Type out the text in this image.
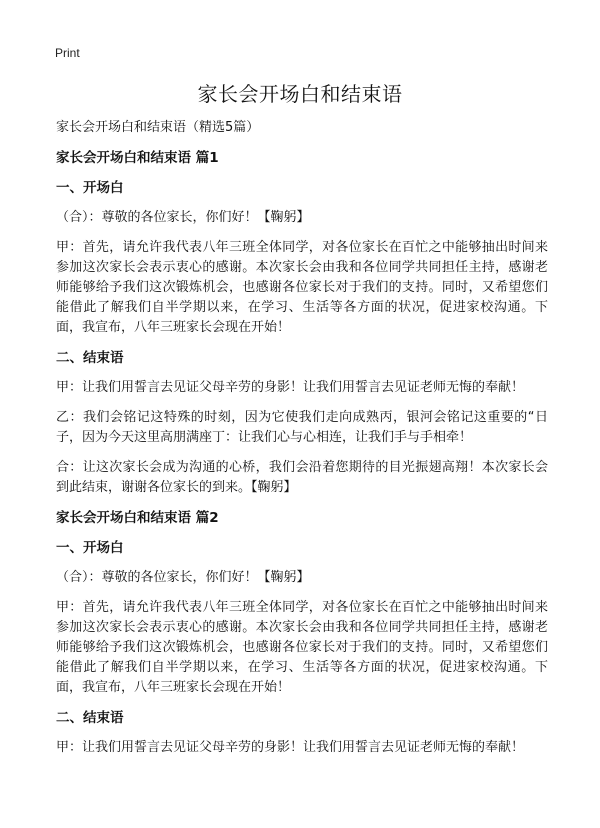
Print
家长会开场白和结束语

家长会开场白和结束语（精选5篇）

家长会开场白和结束语 篇1

一、开场白

（合）：尊敬的各位家长，你们好！【鞠躬】

甲：首先，请允许我代表八年三班全体同学，对各位家长在百忙之中能够抽出时间来参加这次家长会表示衷心的感谢。本次家长会由我和各位同学共同担任主持，感谢老师能够给予我们这次锻炼机会，也感谢各位家长对于我们的支持。同时，又希望您们能借此了解我们自半学期以来，在学习、生活等各方面的状况，促进家校沟通。下面，我宣布，八年三班家长会现在开始！

二、结束语

甲：让我们用誓言去见证父母辛劳的身影！让我们用誓言去见证老师无悔的奉献！

乙：我们会铭记这特殊的时刻，因为它使我们走向成熟丙，银河会铭记这重要的“日子，因为今天这里高朋满座丁：让我们心与心相连，让我们手与手相牵！

合：让这次家长会成为沟通的心桥，我们会沿着您期待的目光振翅高翔！本次家长会到此结束，谢谢各位家长的到来。【鞠躬】

家长会开场白和结束语 篇2

一、开场白

（合）：尊敬的各位家长，你们好！【鞠躬】

甲：首先，请允许我代表八年三班全体同学，对各位家长在百忙之中能够抽出时间来参加这次家长会表示衷心的感谢。本次家长会由我和各位同学共同担任主持，感谢老师能够给予我们这次锻炼机会，也感谢各位家长对于我们的支持。同时，又希望您们能借此了解我们自半学期以来，在学习、生活等各方面的状况，促进家校沟通。下面，我宣布，八年三班家长会现在开始！

二、结束语

甲：让我们用誓言去见证父母辛劳的身影！让我们用誓言去见证老师无悔的奉献！
